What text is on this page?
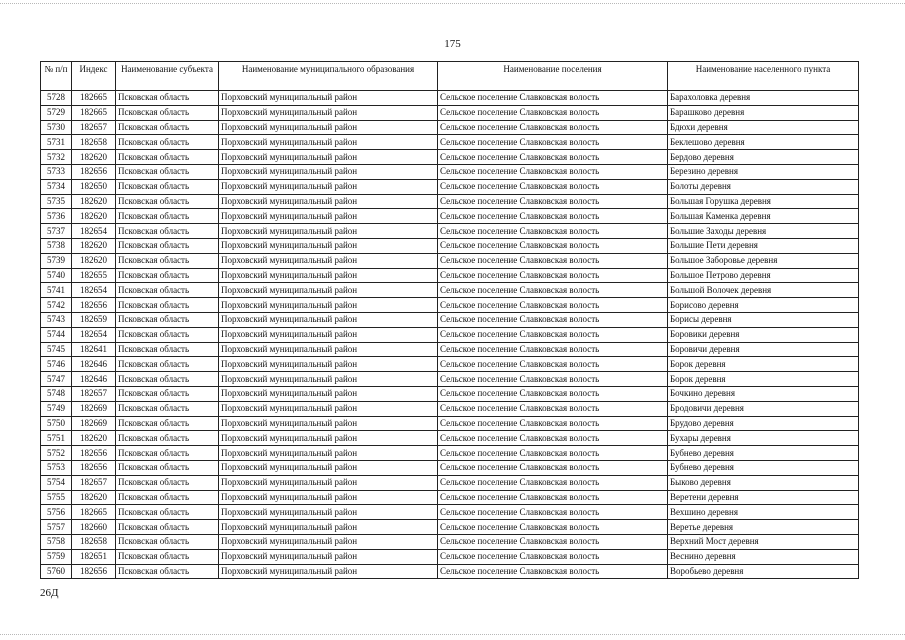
175
№ п/п	Индекс	Наименование субъекта	Наименование муниципального образования	Наименование поселения	Наименование населенного пункта
5728	182665	Псковская область	Порховский муниципальный район	Сельское поселение Славковская волость	Барахоловка деревня
5729	182665	Псковская область	Порховский муниципальный район	Сельское поселение Славковская волость	Барашково деревня
5730	182657	Псковская область	Порховский муниципальный район	Сельское поселение Славковская волость	Бдюхи деревня
5731	182658	Псковская область	Порховский муниципальный район	Сельское поселение Славковская волость	Беклешово деревня
5732	182620	Псковская область	Порховский муниципальный район	Сельское поселение Славковская волость	Бердово деревня
5733	182656	Псковская область	Порховский муниципальный район	Сельское поселение Славковская волость	Березино деревня
5734	182650	Псковская область	Порховский муниципальный район	Сельское поселение Славковская волость	Болоты деревня
5735	182620	Псковская область	Порховский муниципальный район	Сельское поселение Славковская волость	Большая Горушка деревня
5736	182620	Псковская область	Порховский муниципальный район	Сельское поселение Славковская волость	Большая Каменка деревня
5737	182654	Псковская область	Порховский муниципальный район	Сельское поселение Славковская волость	Большие Заходы деревня
5738	182620	Псковская область	Порховский муниципальный район	Сельское поселение Славковская волость	Большие Пети деревня
5739	182620	Псковская область	Порховский муниципальный район	Сельское поселение Славковская волость	Большое Заборовье деревня
5740	182655	Псковская область	Порховский муниципальный район	Сельское поселение Славковская волость	Большое Петрово деревня
5741	182654	Псковская область	Порховский муниципальный район	Сельское поселение Славковская волость	Большой Волочек деревня
5742	182656	Псковская область	Порховский муниципальный район	Сельское поселение Славковская волость	Борисово деревня
5743	182659	Псковская область	Порховский муниципальный район	Сельское поселение Славковская волость	Борисы деревня
5744	182654	Псковская область	Порховский муниципальный район	Сельское поселение Славковская волость	Боровики деревня
5745	182641	Псковская область	Порховский муниципальный район	Сельское поселение Славковская волость	Боровичи деревня
5746	182646	Псковская область	Порховский муниципальный район	Сельское поселение Славковская волость	Борок деревня
5747	182646	Псковская область	Порховский муниципальный район	Сельское поселение Славковская волость	Борок деревня
5748	182657	Псковская область	Порховский муниципальный район	Сельское поселение Славковская волость	Бочкино деревня
5749	182669	Псковская область	Порховский муниципальный район	Сельское поселение Славковская волость	Бродовичи деревня
5750	182669	Псковская область	Порховский муниципальный район	Сельское поселение Славковская волость	Брудово деревня
5751	182620	Псковская область	Порховский муниципальный район	Сельское поселение Славковская волость	Бухары деревня
5752	182656	Псковская область	Порховский муниципальный район	Сельское поселение Славковская волость	Бубнево деревня
5753	182656	Псковская область	Порховский муниципальный район	Сельское поселение Славковская волость	Бубнево деревня
5754	182657	Псковская область	Порховский муниципальный район	Сельское поселение Славковская волость	Быково деревня
5755	182620	Псковская область	Порховский муниципальный район	Сельское поселение Славковская волость	Веретени деревня
5756	182665	Псковская область	Порховский муниципальный район	Сельское поселение Славковская волость	Вехшино деревня
5757	182660	Псковская область	Порховский муниципальный район	Сельское поселение Славковская волость	Веретье деревня
5758	182658	Псковская область	Порховский муниципальный район	Сельское поселение Славковская волость	Верхний Мост деревня
5759	182651	Псковская область	Порховский муниципальный район	Сельское поселение Славковская волость	Веснино деревня
5760	182656	Псковская область	Порховский муниципальный район	Сельское поселение Славковская волость	Воробьево деревня
26Д
